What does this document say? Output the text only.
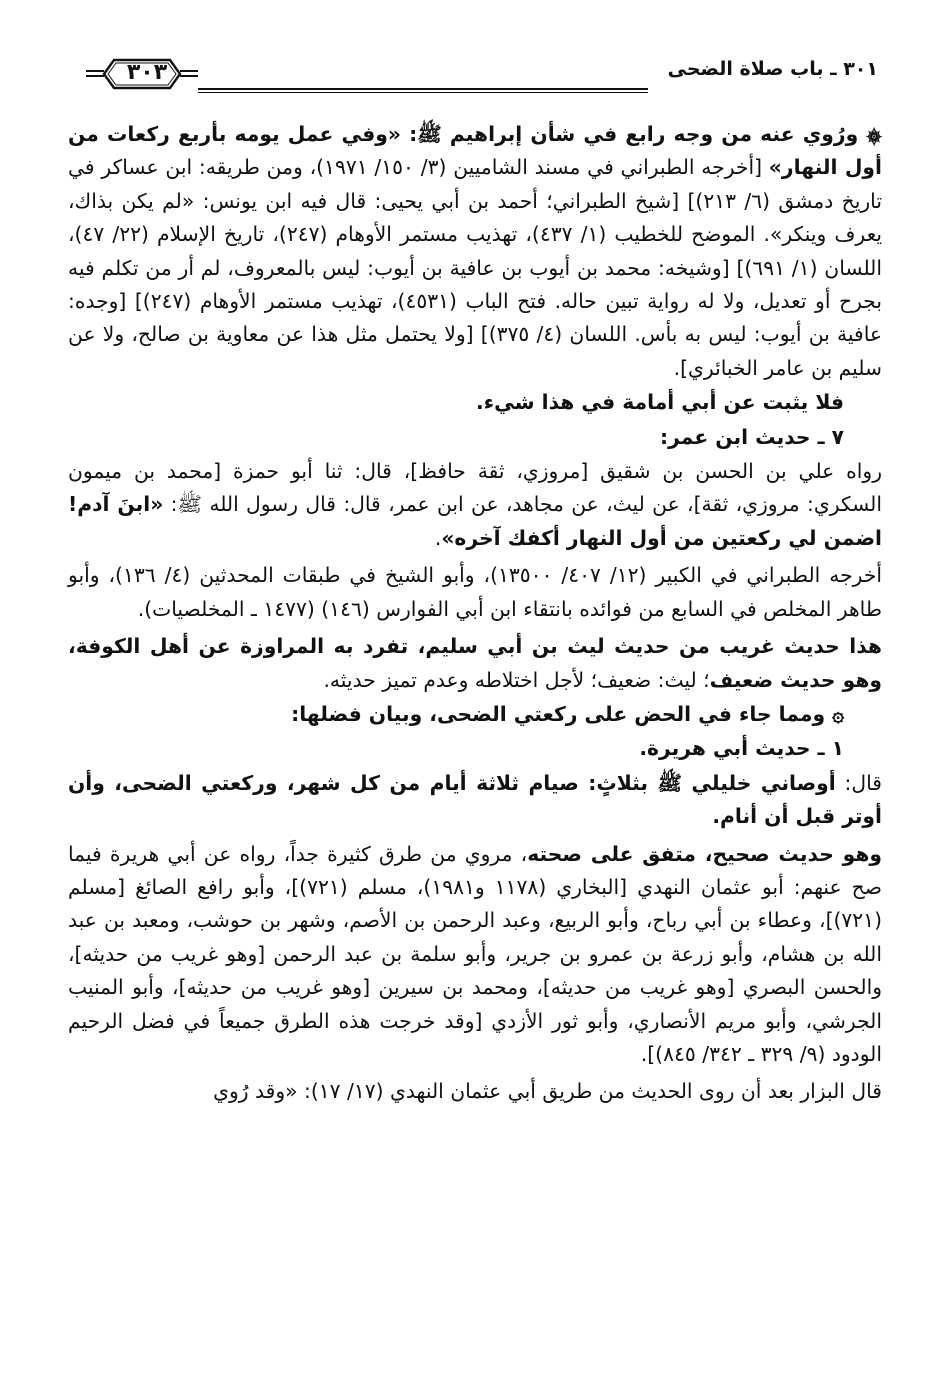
٣٠١ ـ باب صلاة الضحى
٣٠٣

۞ ورُوي عنه من وجه رابع في شأن إبراهيم ﷺ: «وفي عمل يومه بأربع ركعات من أول النهار» [أخرجه الطبراني في مسند الشاميين (٣/ ١٥٠/ ١٩٧١)، ومن طريقه: ابن عساكر في تاريخ دمشق (٦/ ٢١٣)] [شيخ الطبراني؛ أحمد بن أبي يحيى: قال فيه ابن يونس: «لم يكن بذاك، يعرف وينكر». الموضح للخطيب (١/ ٤٣٧)، تهذيب مستمر الأوهام (٢٤٧)، تاريخ الإسلام (٢٢/ ٤٧)، اللسان (١/ ٦٩١)] [وشيخه: محمد بن أيوب بن عافية بن أيوب: ليس بالمعروف، لم أر من تكلم فيه بجرح أو تعديل، ولا له رواية تبين حاله. فتح الباب (٤٥٣١)، تهذيب مستمر الأوهام (٢٤٧)] [وجده: عافية بن أيوب: ليس به بأس. اللسان (٤/ ٣٧٥)] [ولا يحتمل مثل هذا عن معاوية بن صالح، ولا عن سليم بن عامر الخبائري].

فلا يثبت عن أبي أمامة في هذا شيء.

٧ ـ حديث ابن عمر:

رواه علي بن الحسن بن شقيق [مروزي، ثقة حافظ]، قال: ثنا أبو حمزة [محمد بن ميمون السكري: مروزي، ثقة]، عن ليث، عن مجاهد، عن ابن عمر، قال: قال رسول الله ﷺ: «ابنَ آدم! اضمن لي ركعتين من أول النهار أكفك آخره».

أخرجه الطبراني في الكبير (١٢/ ٤٠٧/ ١٣٥٠٠)، وأبو الشيخ في طبقات المحدثين (٤/ ١٣٦)، وأبو طاهر المخلص في السابع من فوائده بانتقاء ابن أبي الفوارس (١٤٦) (١٤٧٧ ـ المخلصيات).

هذا حديث غريب من حديث ليث بن أبي سليم، تفرد به المراوزة عن أهل الكوفة، وهو حديث ضعيف؛ ليث: ضعيف؛ لأجل اختلاطه وعدم تميز حديثه.

۞ ومما جاء في الحض على ركعتي الضحى، وبيان فضلها:

١ ـ حديث أبي هريرة.

قال: أوصاني خليلي ﷺ بثلاثٍ: صيام ثلاثة أيام من كل شهر، وركعتي الضحى، وأن أوتر قبل أن أنام.

وهو حديث صحيح، متفق على صحته، مروي من طرق كثيرة جداً، رواه عن أبي هريرة فيما صح عنهم: أبو عثمان النهدي [البخاري (١١٧٨ و١٩٨١)، مسلم (٧٢١)]، وأبو رافع الصائغ [مسلم (٧٢١)]، وعطاء بن أبي رباح، وأبو الربيع، وعبد الرحمن بن الأصم، وشهر بن حوشب، ومعبد بن عبد الله بن هشام، وأبو زرعة بن عمرو بن جرير، وأبو سلمة بن عبد الرحمن [وهو غريب من حديثه]، والحسن البصري [وهو غريب من حديثه]، ومحمد بن سيرين [وهو غريب من حديثه]، وأبو المنيب الجرشي، وأبو مريم الأنصاري، وأبو ثور الأزدي [وقد خرجت هذه الطرق جميعاً في فضل الرحيم الودود (٩/ ٣٢٩ ـ ٣٤٢/ ٨٤٥)].

قال البزار بعد أن روى الحديث من طريق أبي عثمان النهدي (١٧/ ١٧): «وقد رُوي
